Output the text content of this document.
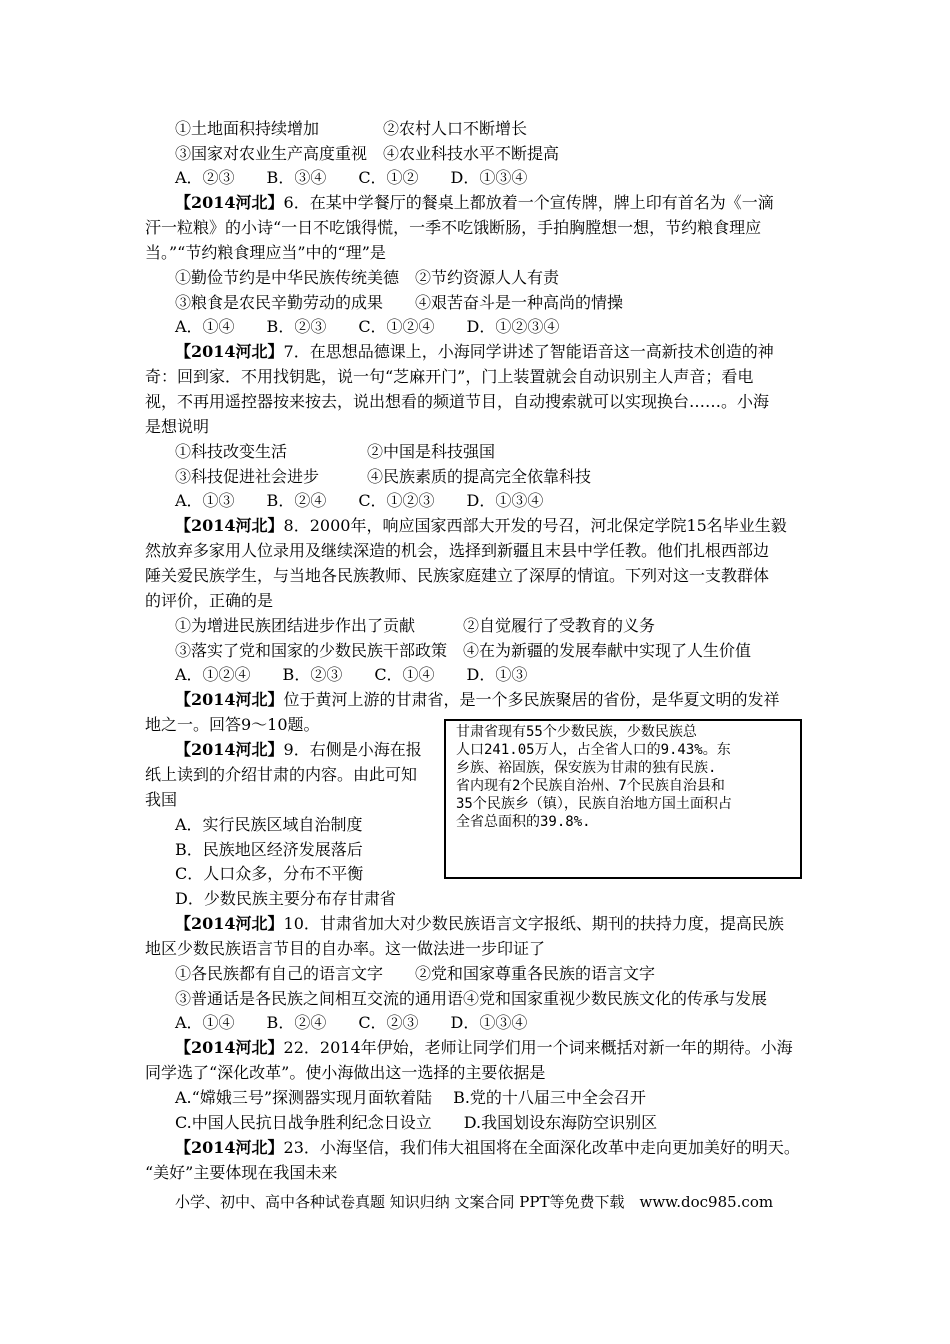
①土地面积持续增加　　　　②农村人口不断增长
③国家对农业生产高度重视　④农业科技水平不断提高
A．②③　　B．③④　　C．①②　　D．①③④
【2014河北】6．在某中学餐厅的餐桌上都放着一个宣传牌，牌上印有首名为《一滴
汗一粒粮》的小诗“一日不吃饿得慌，一季不吃饿断肠，手拍胸膛想一想，节约粮食理应
当。”“节约粮食理应当”中的“理”是
①勤俭节约是中华民族传统美德　②节约资源人人有责
③粮食是农民辛勤劳动的成果　　④艰苦奋斗是一种高尚的情操
A．①④　　B．②③　　C．①②④　　D．①②③④
【2014河北】7．在思想品德课上，小海同学讲述了智能语音这一高新技术创造的神
奇：回到家．不用找钥匙，说一句“芝麻开门”，门上装置就会自动识别主人声音；看电
视，不再用遥控器按来按去，说出想看的频道节目，自动搜索就可以实现换台……。小海
是想说明
①科技改变生活　　　　　②中国是科技强国
③科技促进社会进步　　　④民族素质的提高完全依靠科技
A．①③　　B．②④　　C．①②③　　D．①③④
【2014河北】8．2000年，响应国家西部大开发的号召，河北保定学院15名毕业生毅
然放弃多家用人位录用及继续深造的机会，选择到新疆且末县中学任教。他们扎根西部边
陲关爱民族学生，与当地各民族教师、民族家庭建立了深厚的情谊。下列对这一支教群体
的评价，正确的是
①为增进民族团结进步作出了贡献　　　②自觉履行了受教育的义务
③落实了党和国家的少数民族干部政策　④在为新疆的发展奉献中实现了人生价值
A．①②④　　B．②③　　C．①④　　D．①③
【2014河北】位于黄河上游的甘肃省，是一个多民族聚居的省份，是华夏文明的发祥
地之一。回答9～10题。
【2014河北】9．右侧是小海在报
纸上读到的介绍甘肃的内容。由此可知
我国
A．实行民族区域自治制度
B．民族地区经济发展落后
C．人口众多，分布不平衡
D．少数民族主要分布存甘肃省
甘肃省现有55个少数民族，少数民族总
人口241.05万人，占全省人口的9.43%。东
乡族、裕固族，保安族为甘肃的独有民族.
省内现有2个民族自治州、7个民族自治县和
35个民族乡（镇），民族自治地方国土面积占
全省总面积的39.8%.
【2014河北】10．甘肃省加大对少数民族语言文字报纸、期刊的扶持力度，提高民族
地区少数民族语言节目的自办率。这一做法进一步印证了
①各民族都有自己的语言文字　　②党和国家尊重各民族的语言文字
③普通话是各民族之间相互交流的通用语④党和国家重视少数民族文化的传承与发展
A．①④　　B．②④　　C．②③　　D．①③④
【2014河北】22．2014年伊始，老师让同学们用一个词来概括对新一年的期待。小海
同学选了“深化改革”。使小海做出这一选择的主要依据是
A.“嫦娥三号”探测器实现月面软着陆　 B.党的十八届三中全会召开
C.中国人民抗日战争胜利纪念日设立　　D.我国划设东海防空识别区
【2014河北】23．小海坚信，我们伟大祖国将在全面深化改革中走向更加美好的明天。
“美好”主要体现在我国未来
小学、初中、高中各种试卷真题 知识归纳 文案合同 PPT等免费下载　www.doc985.com
